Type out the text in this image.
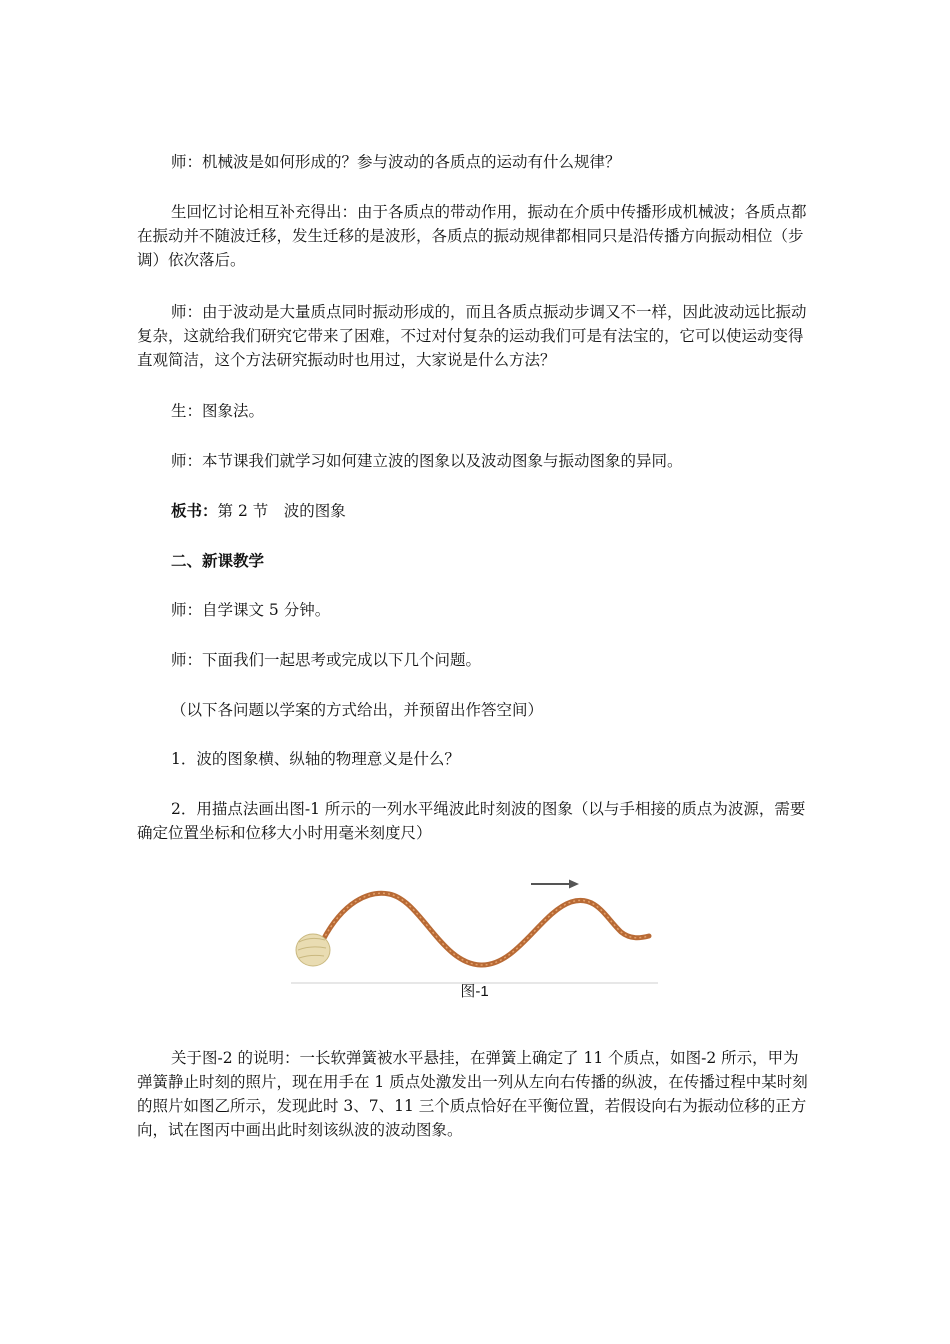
师：机械波是如何形成的？参与波动的各质点的运动有什么规律？

生回忆讨论相互补充得出：由于各质点的带动作用，振动在介质中传播形成机械波；各质点都在振动并不随波迁移，发生迁移的是波形，各质点的振动规律都相同只是沿传播方向振动相位（步调）依次落后。

师：由于波动是大量质点同时振动形成的，而且各质点振动步调又不一样，因此波动远比振动复杂，这就给我们研究它带来了困难，不过对付复杂的运动我们可是有法宝的，它可以使运动变得直观简洁，这个方法研究振动时也用过，大家说是什么方法？

生：图象法。

师：本节课我们就学习如何建立波的图象以及波动图象与振动图象的异同。

板书：第 2 节　波的图象

二、新课教学

师：自学课文 5 分钟。

师：下面我们一起思考或完成以下几个问题。

（以下各问题以学案的方式给出，并预留出作答空间）

1．波的图象横、纵轴的物理意义是什么？

2．用描点法画出图-1 所示的一列水平绳波此时刻波的图象（以与手相接的质点为波源，需要确定位置坐标和位移大小时用毫米刻度尺）

图-1

关于图-2 的说明：一长软弹簧被水平悬挂，在弹簧上确定了 11 个质点，如图-2 所示，甲为弹簧静止时刻的照片，现在用手在 1 质点处激发出一列从左向右传播的纵波，在传播过程中某时刻的照片如图乙所示，发现此时 3、7、11 三个质点恰好在平衡位置，若假设向右为振动位移的正方向，试在图丙中画出此时刻该纵波的波动图象。
